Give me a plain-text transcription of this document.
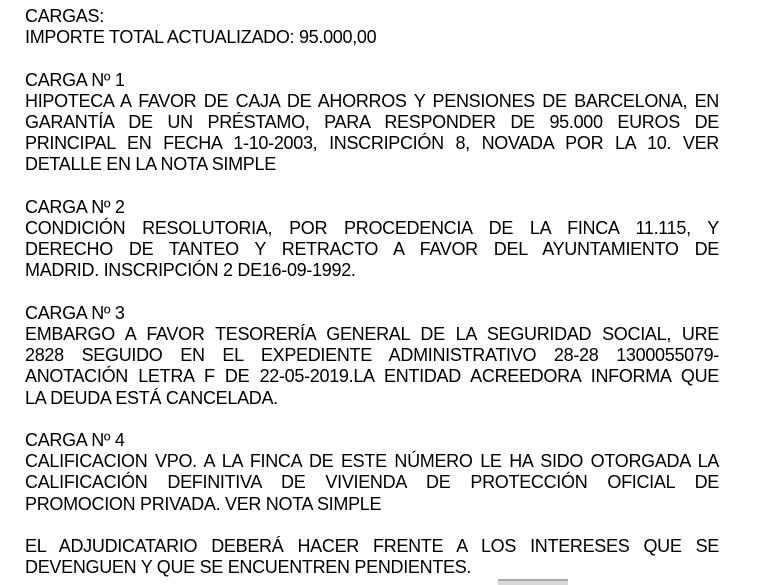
CARGAS:
IMPORTE TOTAL ACTUALIZADO: 95.000,00
CARGA Nº 1
HIPOTECA A FAVOR DE CAJA DE AHORROS Y PENSIONES DE BARCELONA, EN
GARANTÍA DE UN PRÉSTAMO, PARA RESPONDER DE 95.000 EUROS DE
PRINCIPAL EN FECHA 1-10-2003, INSCRIPCIÓN 8, NOVADA POR LA 10. VER
DETALLE EN LA NOTA SIMPLE
CARGA Nº 2
CONDICIÓN RESOLUTORIA, POR PROCEDENCIA DE LA FINCA 11.115, Y
DERECHO DE TANTEO Y RETRACTO A FAVOR DEL AYUNTAMIENTO DE
MADRID. INSCRIPCIÓN 2 DE16-09-1992.
CARGA Nº 3
EMBARGO A FAVOR TESORERÍA GENERAL DE LA SEGURIDAD SOCIAL, URE
2828 SEGUIDO EN EL EXPEDIENTE ADMINISTRATIVO 28-28 1300055079-
ANOTACIÓN LETRA F DE 22-05-2019.LA ENTIDAD ACREEDORA INFORMA QUE
LA DEUDA ESTÁ CANCELADA.
CARGA Nº 4
CALIFICACION VPO. A LA FINCA DE ESTE NÚMERO LE HA SIDO OTORGADA LA
CALIFICACIÓN DEFINITIVA DE VIVIENDA DE PROTECCIÓN OFICIAL DE
PROMOCION PRIVADA. VER NOTA SIMPLE
EL ADJUDICATARIO DEBERÁ HACER FRENTE A LOS INTERESES QUE SE
DEVENGUEN Y QUE SE ENCUENTREN PENDIENTES.
